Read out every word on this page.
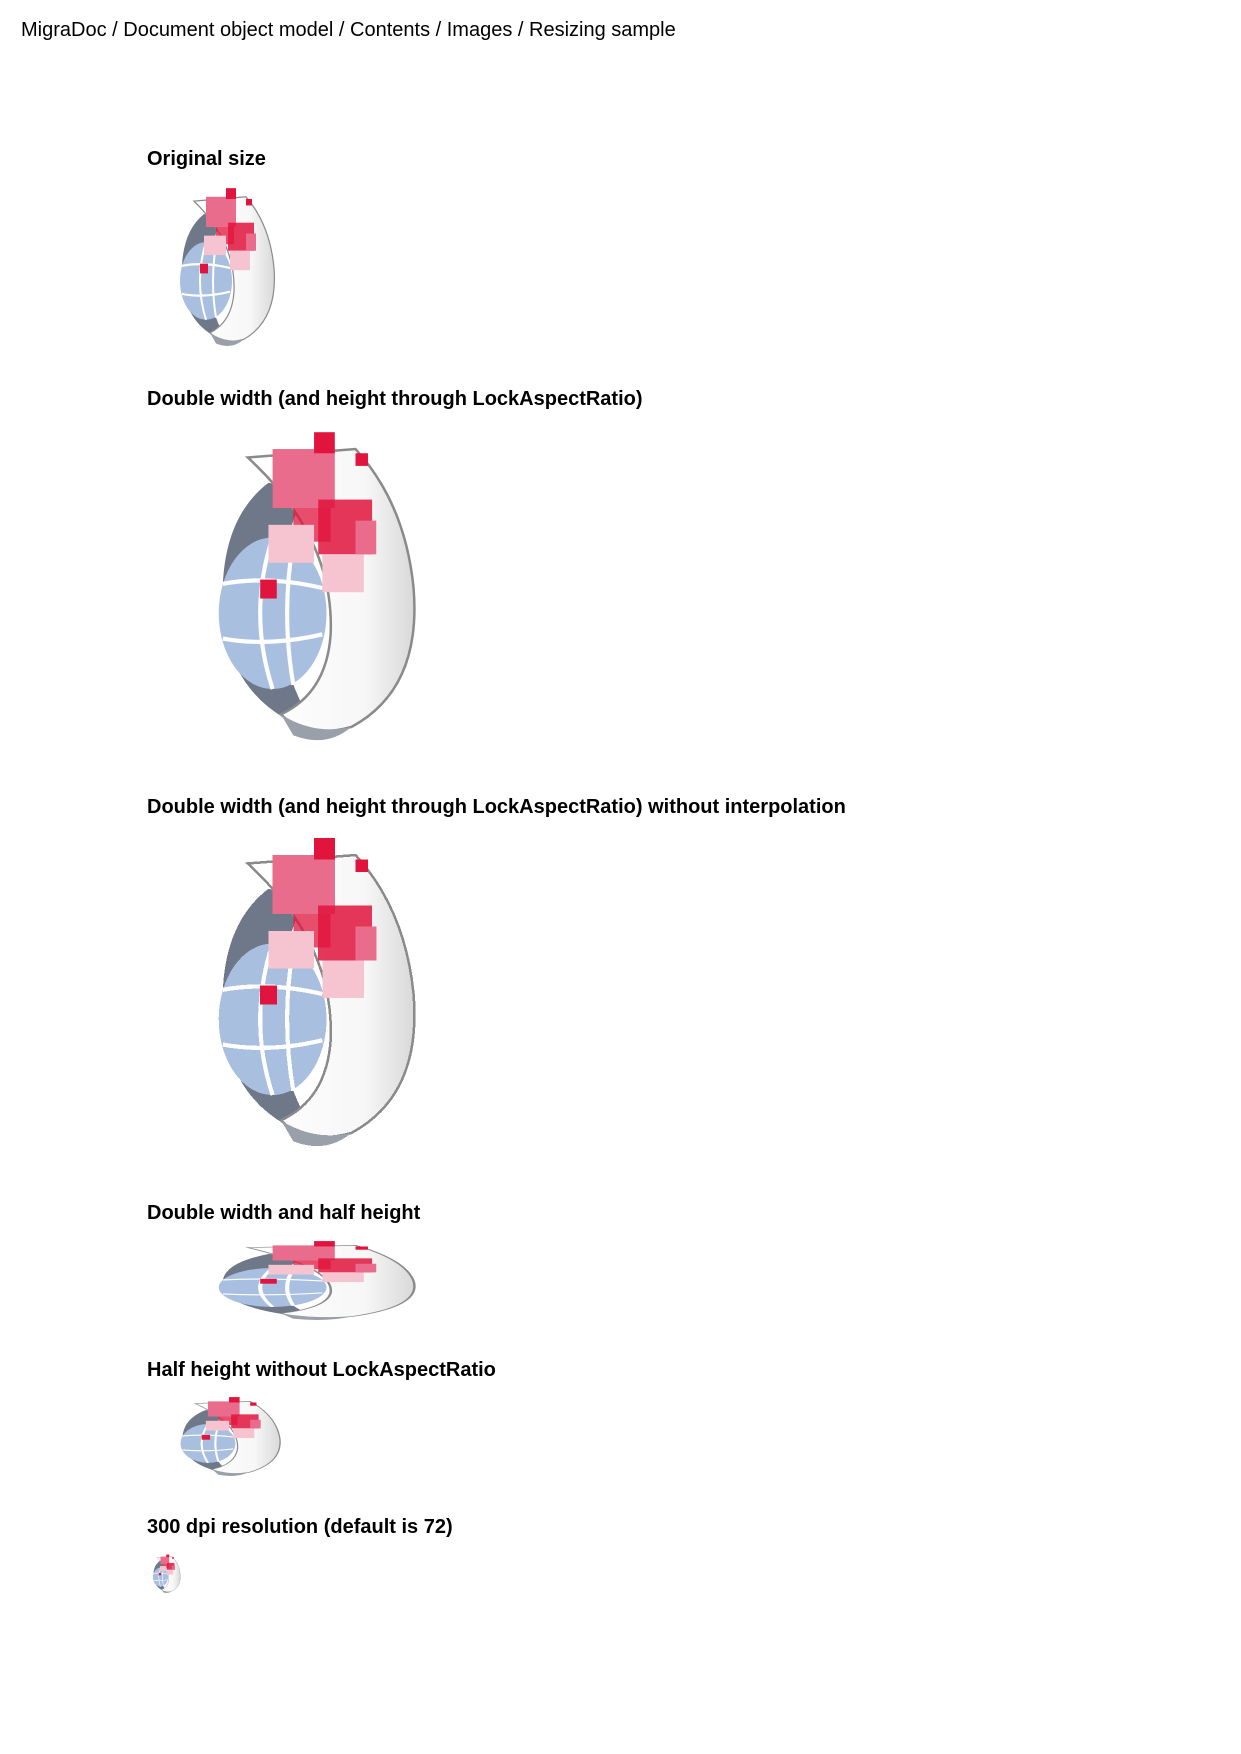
MigraDoc / Document object model / Contents / Images / Resizing sample
Original size
Double width (and height through LockAspectRatio)
Double width (and height through LockAspectRatio) without interpolation
Double width and half height
Half height without LockAspectRatio
300 dpi resolution (default is 72)
